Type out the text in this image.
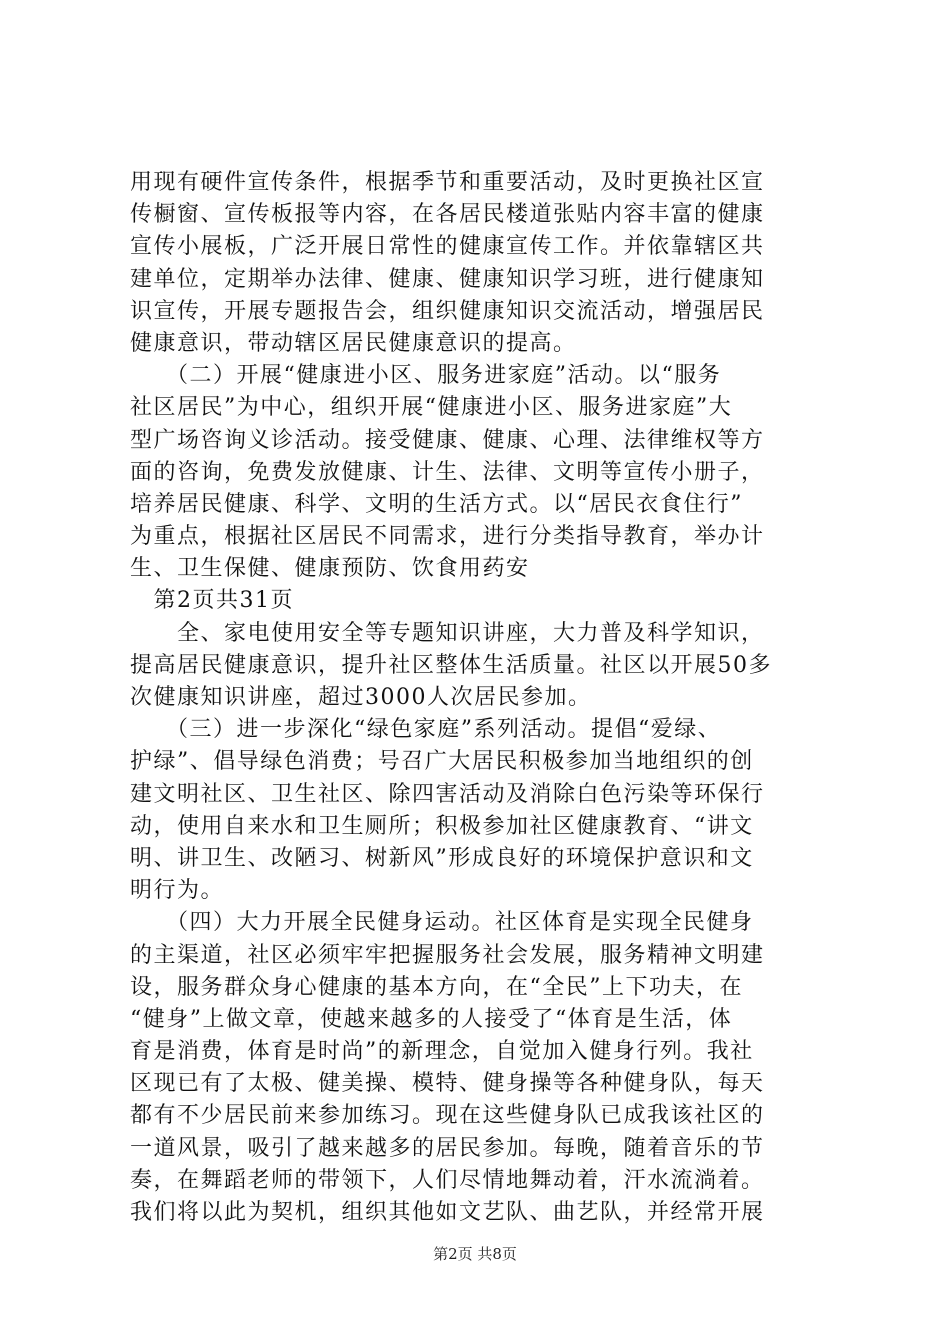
用现有硬件宣传条件，根据季节和重要活动，及时更换社区宣
传橱窗、宣传板报等内容，在各居民楼道张贴内容丰富的健康
宣传小展板，广泛开展日常性的健康宣传工作。并依靠辖区共
建单位，定期举办法律、健康、健康知识学习班，进行健康知
识宣传，开展专题报告会，组织健康知识交流活动，增强居民
健康意识，带动辖区居民健康意识的提高。
　　（二）开展“健康进小区、服务进家庭”活动。以“服务
社区居民”为中心，组织开展“健康进小区、服务进家庭”大
型广场咨询义诊活动。接受健康、健康、心理、法律维权等方
面的咨询，免费发放健康、计生、法律、文明等宣传小册子，
培养居民健康、科学、文明的生活方式。以“居民衣食住行”
为重点，根据社区居民不同需求，进行分类指导教育，举办计
生、卫生保健、健康预防、饮食用药安
　第2页共31页
　　全、家电使用安全等专题知识讲座，大力普及科学知识，
提高居民健康意识，提升社区整体生活质量。社区以开展50多
次健康知识讲座，超过3000人次居民参加。
　　（三）进一步深化“绿色家庭”系列活动。提倡“爱绿、
护绿”、倡导绿色消费；号召广大居民积极参加当地组织的创
建文明社区、卫生社区、除四害活动及消除白色污染等环保行
动，使用自来水和卫生厕所；积极参加社区健康教育、“讲文
明、讲卫生、改陋习、树新风”形成良好的环境保护意识和文
明行为。
　　（四）大力开展全民健身运动。社区体育是实现全民健身
的主渠道，社区必须牢牢把握服务社会发展，服务精神文明建
设，服务群众身心健康的基本方向，在“全民”上下功夫，在
“健身”上做文章，使越来越多的人接受了“体育是生活，体
育是消费，体育是时尚”的新理念，自觉加入健身行列。我社
区现已有了太极、健美操、模特、健身操等各种健身队，每天
都有不少居民前来参加练习。现在这些健身队已成我该社区的
一道风景，吸引了越来越多的居民参加。每晚，随着音乐的节
奏，在舞蹈老师的带领下，人们尽情地舞动着，汗水流淌着。
我们将以此为契机，组织其他如文艺队、曲艺队，并经常开展
第2页 共8页
